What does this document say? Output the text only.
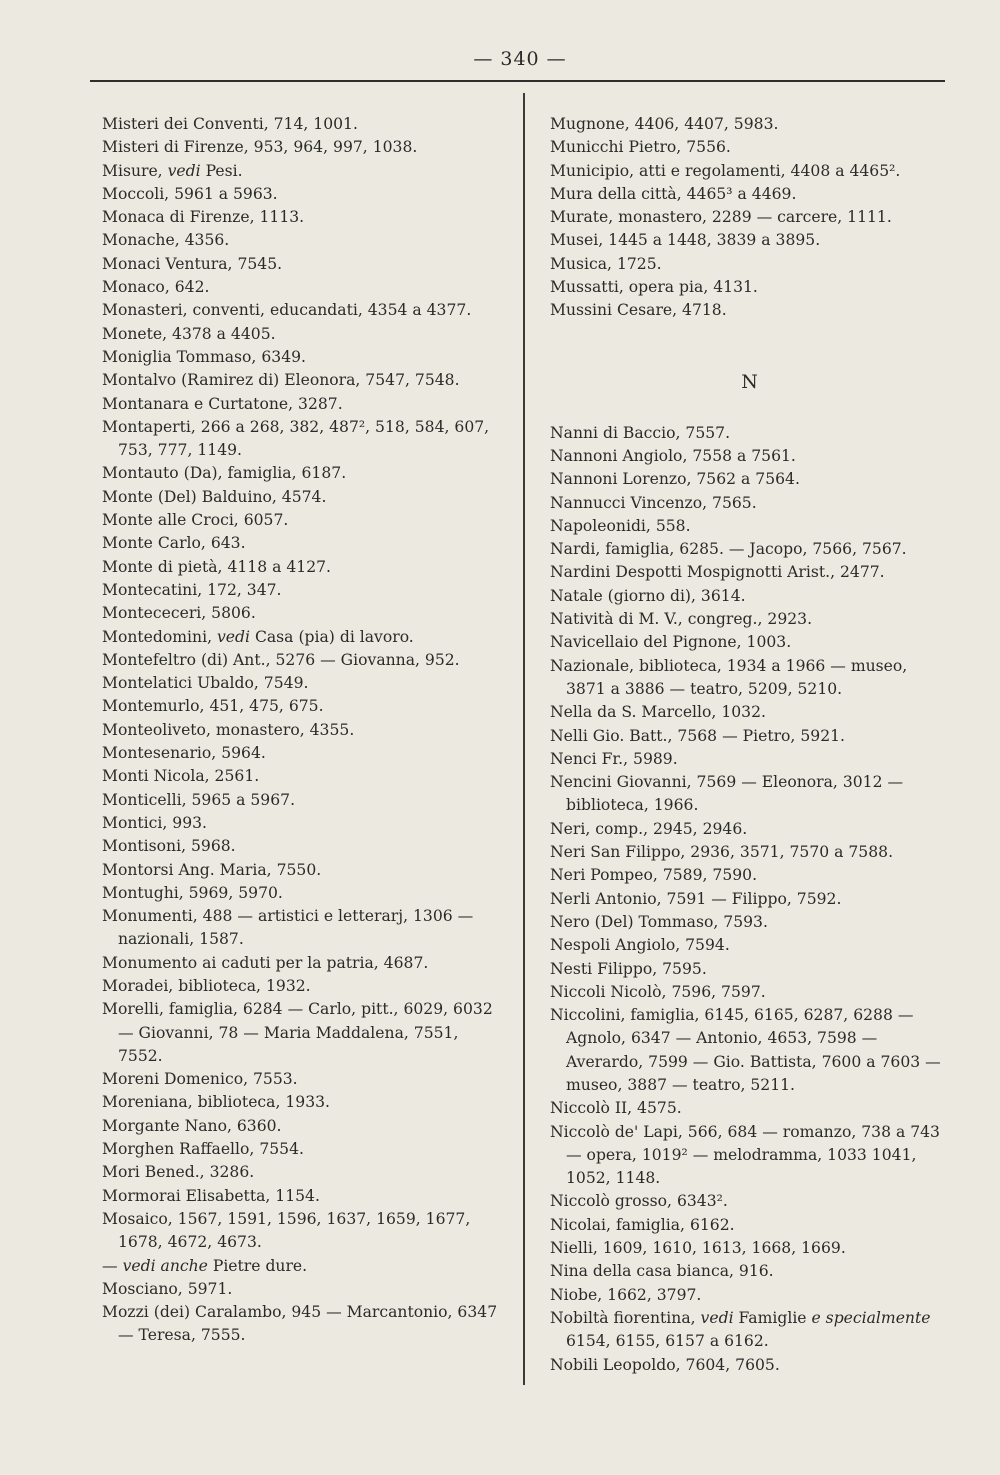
— 340 —

Misteri dei Conventi, 714, 1001.

Misteri di Firenze, 953, 964, 997, 1038.

Misure, vedi Pesi.

Moccoli, 5961 a 5963.

Monaca di Firenze, 1113.

Monache, 4356.

Monaci Ventura, 7545.

Monaco, 642.

Monasteri, conventi, educandati, 4354 a 4377.

Monete, 4378 a 4405.

Moniglia Tommaso, 6349.

Montalvo (Ramirez di) Eleonora, 7547, 7548.

Montanara e Curtatone, 3287.

Montaperti, 266 a 268, 382, 487², 518, 584, 607, 753, 777, 1149.

Montauto (Da), famiglia, 6187.

Monte (Del) Balduino, 4574.

Monte alle Croci, 6057.

Monte Carlo, 643.

Monte di pietà, 4118 a 4127.

Montecatini, 172, 347.

Montececeri, 5806.

Montedomini, vedi Casa (pia) di lavoro.

Montefeltro (di) Ant., 5276 — Giovanna, 952.

Montelatici Ubaldo, 7549.

Montemurlo, 451, 475, 675.

Monteoliveto, monastero, 4355.

Montesenario, 5964.

Monti Nicola, 2561.

Monticelli, 5965 a 5967.

Montici, 993.

Montisoni, 5968.

Montorsi Ang. Maria, 7550.

Montughi, 5969, 5970.

Monumenti, 488 — artistici e letterarj, 1306 — nazionali, 1587.

Monumento ai caduti per la patria, 4687.

Moradei, biblioteca, 1932.

Morelli, famiglia, 6284 — Carlo, pitt., 6029, 6032 — Giovanni, 78 — Maria Maddalena, 7551, 7552.

Moreni Domenico, 7553.

Moreniana, biblioteca, 1933.

Morgante Nano, 6360.

Morghen Raffaello, 7554.

Mori Bened., 3286.

Mormorai Elisabetta, 1154.

Mosaico, 1567, 1591, 1596, 1637, 1659, 1677, 1678, 4672, 4673.

— vedi anche Pietre dure.

Mosciano, 5971.

Mozzi (dei) Caralambo, 945 — Marcantonio, 6347 — Teresa, 7555.

Mugnone, 4406, 4407, 5983.

Municchi Pietro, 7556.

Municipio, atti e regolamenti, 4408 a 4465².

Mura della città, 4465³ a 4469.

Murate, monastero, 2289 — carcere, 1111.

Musei, 1445 a 1448, 3839 a 3895.

Musica, 1725.

Mussatti, opera pia, 4131.

Mussini Cesare, 4718.

N

Nanni di Baccio, 7557.

Nannoni Angiolo, 7558 a 7561.

Nannoni Lorenzo, 7562 a 7564.

Nannucci Vincenzo, 7565.

Napoleonidi, 558.

Nardi, famiglia, 6285. — Jacopo, 7566, 7567.

Nardini Despotti Mospignotti Arist., 2477.

Natale (giorno di), 3614.

Natività di M. V., congreg., 2923.

Navicellaio del Pignone, 1003.

Nazionale, biblioteca, 1934 a 1966 — museo, 3871 a 3886 — teatro, 5209, 5210.

Nella da S. Marcello, 1032.

Nelli Gio. Batt., 7568 — Pietro, 5921.

Nenci Fr., 5989.

Nencini Giovanni, 7569 — Eleonora, 3012 — biblioteca, 1966.

Neri, comp., 2945, 2946.

Neri San Filippo, 2936, 3571, 7570 a 7588.

Neri Pompeo, 7589, 7590.

Nerli Antonio, 7591 — Filippo, 7592.

Nero (Del) Tommaso, 7593.

Nespoli Angiolo, 7594.

Nesti Filippo, 7595.

Niccoli Nicolò, 7596, 7597.

Niccolini, famiglia, 6145, 6165, 6287, 6288 — Agnolo, 6347 — Antonio, 4653, 7598 — Averardo, 7599 — Gio. Battista, 7600 a 7603 — museo, 3887 — teatro, 5211.

Niccolò II, 4575.

Niccolò de' Lapi, 566, 684 — romanzo, 738 a 743 — opera, 1019² — melodramma, 1033 1041, 1052, 1148.

Niccolò grosso, 6343².

Nicolai, famiglia, 6162.

Nielli, 1609, 1610, 1613, 1668, 1669.

Nina della casa bianca, 916.

Niobe, 1662, 3797.

Nobiltà fiorentina, vedi Famiglie e specialmente 6154, 6155, 6157 a 6162.

Nobili Leopoldo, 7604, 7605.
